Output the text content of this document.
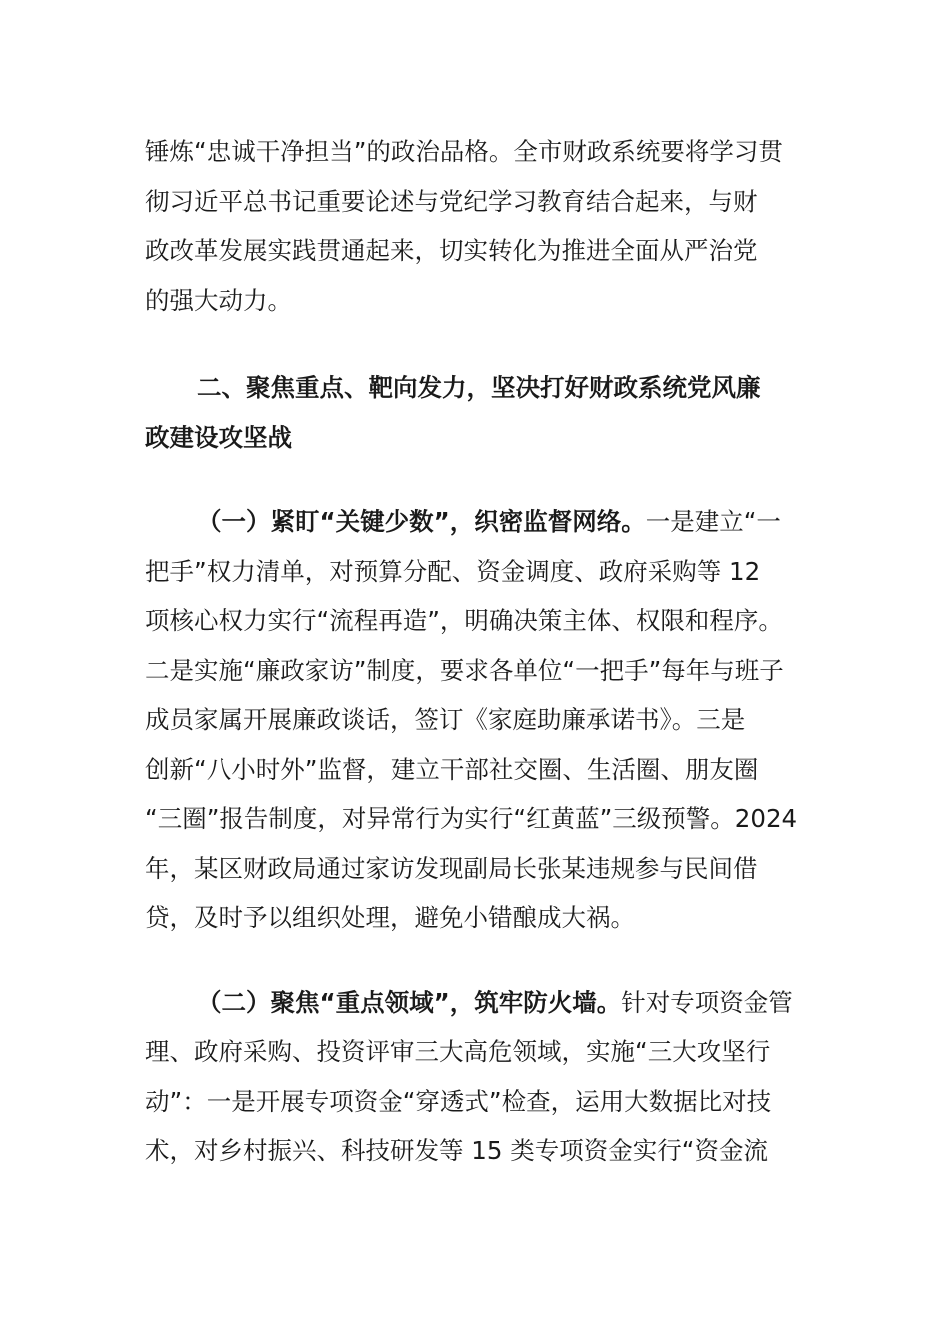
锤炼“忠诚干净担当”的政治品格。全市财政系统要将学习贯
彻习近平总书记重要论述与党纪学习教育结合起来，与财
政改革发展实践贯通起来，切实转化为推进全面从严治党
的强大动力。
二、聚焦重点、靶向发力，坚决打好财政系统党风廉
政建设攻坚战
（一）紧盯“关键少数”，织密监督网络。一是建立“一
把手”权力清单，对预算分配、资金调度、政府采购等 12
项核心权力实行“流程再造”，明确决策主体、权限和程序。
二是实施“廉政家访”制度，要求各单位“一把手”每年与班子
成员家属开展廉政谈话，签订《家庭助廉承诺书》。三是
创新“八小时外”监督，建立干部社交圈、生活圈、朋友圈
“三圈”报告制度，对异常行为实行“红黄蓝”三级预警。2024
年，某区财政局通过家访发现副局长张某违规参与民间借
贷，及时予以组织处理，避免小错酿成大祸。
（二）聚焦“重点领域”，筑牢防火墙。针对专项资金管
理、政府采购、投资评审三大高危领域，实施“三大攻坚行
动”：一是开展专项资金“穿透式”检查，运用大数据比对技
术，对乡村振兴、科技研发等 15 类专项资金实行“资金流
